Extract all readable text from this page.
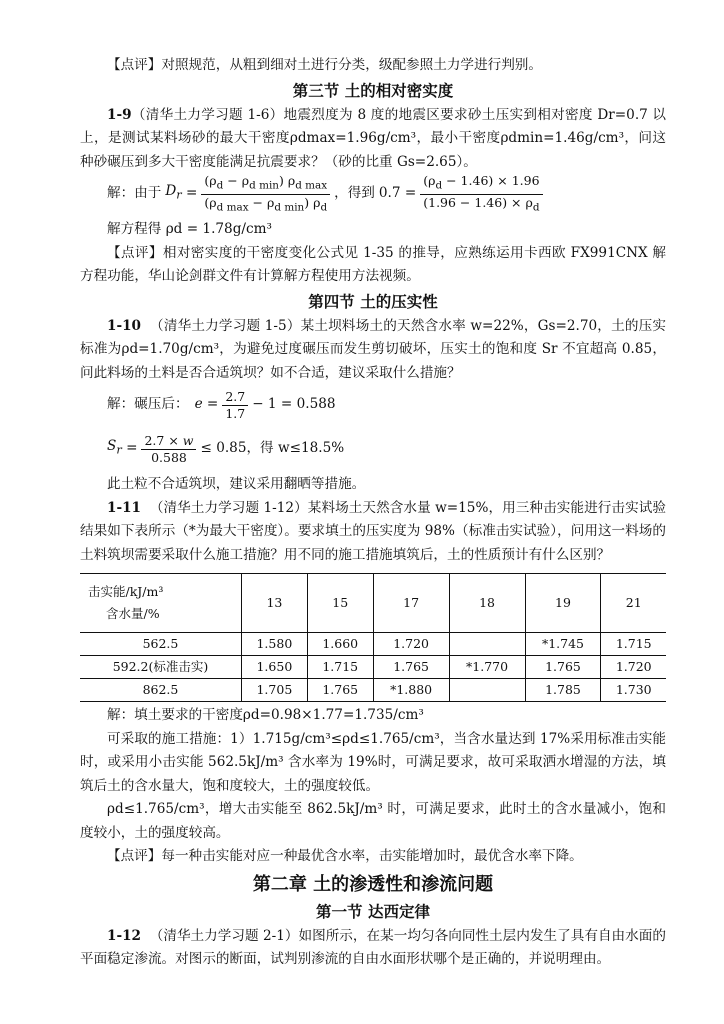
【点评】对照规范，从粗到细对土进行分类，级配参照土力学进行判别。

第三节 土的相对密实度

1-9（清华土力学习题 1-6）地震烈度为 8 度的地震区要求砂土压实到相对密度 Dr=0.7 以上，是测试某料场砂的最大干密度ρdmax=1.96g/cm³，最小干密度ρdmin=1.46g/cm³，问这种砂碾压到多大干密度能满足抗震要求？（砂的比重 Gs=2.65）。

解：由于 $D_r = \frac{(\rho_d - \rho_{d min}) \rho_{d max}}{(\rho_{d max} - \rho_{d min}) \rho_d}$ ，得到 $0.7 = \frac{(\rho_d - 1.46) \times 1.96}{(1.96 - 1.46) \times \rho_d}$

解方程得 ρd = 1.78g/cm³

【点评】相对密实度的干密度变化公式见 1-35 的推导，应熟练运用卡西欧 FX991CNX 解方程功能，华山论剑群文件有计算解方程使用方法视频。

第四节 土的压实性

1-10 （清华土力学习题 1-5）某土坝料场土的天然含水率 w=22%，Gs=2.70，土的压实标准为ρd=1.70g/cm³，为避免过度碾压而发生剪切破坏，压实土的饱和度 Sr 不宜超高 0.85，问此料场的土料是否合适筑坝？如不合适，建议采取什么措施？

解：碾压后： $e = \frac{2.7}{1.7} - 1 = 0.588$
$S_r = \frac{2.7 \times w}{0.588} \le 0.85$ ，得 w≤18.5%

此土粒不合适筑坝，建议采用翻晒等措施。

1-11 （清华土力学习题 1-12）某料场土天然含水量 w=15%，用三种击实能进行击实试验结果如下表所示（*为最大干密度）。要求填土的压实度为 98%（标准击实试验），问用这一料场的土料筑坝需要采取什么施工措施？用不同的施工措施填筑后，土的性质预计有什么区别？

击实能/kJ/m³
含水量/%	13	15	17	18	19	21
562.5	1.580	1.660	1.720		*1.745	1.715
592.2(标准击实)	1.650	1.715	1.765	*1.770	1.765	1.720
862.5	1.705	1.765	*1.880		1.785	1.730

解：填土要求的干密度ρd=0.98×1.77=1.735/cm³

可采取的施工措施：1）1.715g/cm³≤ρd≤1.765/cm³，当含水量达到 17%采用标准击实能时，或采用小击实能 562.5kJ/m³ 含水率为 19%时，可满足要求，故可采取洒水增湿的方法，填筑后土的含水量大，饱和度较大，土的强度较低。

ρd≤1.765/cm³，增大击实能至 862.5kJ/m³ 时，可满足要求，此时土的含水量减小，饱和度较小，土的强度较高。

【点评】每一种击实能对应一种最优含水率，击实能增加时，最优含水率下降。

第二章 土的渗透性和渗流问题
第一节 达西定律

1-12 （清华土力学习题 2-1）如图所示，在某一均匀各向同性土层内发生了具有自由水面的平面稳定渗流。对图示的断面，试判别渗流的自由水面形状哪个是正确的，并说明理由。
